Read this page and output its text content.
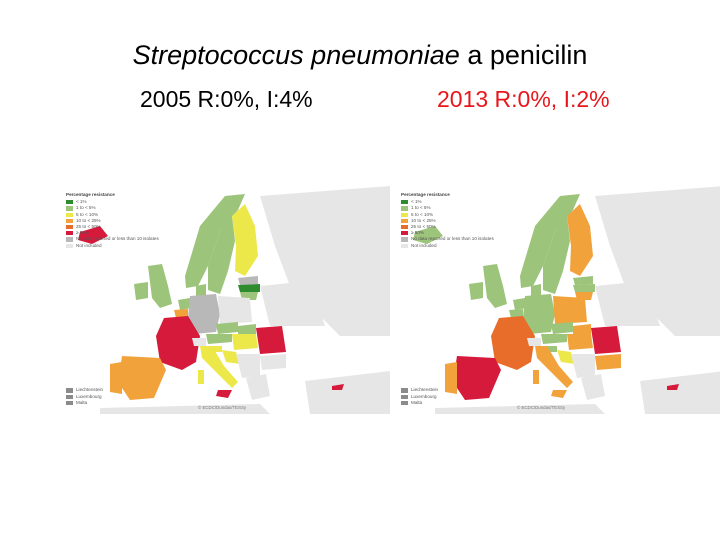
Streptococcus pneumoniae a penicilin
2005 R:0%, I:4%	2013 R:0%, I:2%
Percentage resistance
< 1%
1 to < 5%
5 to < 10%
10 to < 25%
25 to < 50%
≥ 50%
No data reported or less than 10 isolates
Not included
Liechtenstein
Luxembourg
Malta
© ECDC/Dundas/TESSy
Percentage resistance
< 1%
1 to < 5%
5 to < 10%
10 to < 25%
25 to < 50%
≥ 50%
No data reported or less than 10 isolates
Not included
Liechtenstein
Luxembourg
Malta
© ECDC/Dundas/TESSy
